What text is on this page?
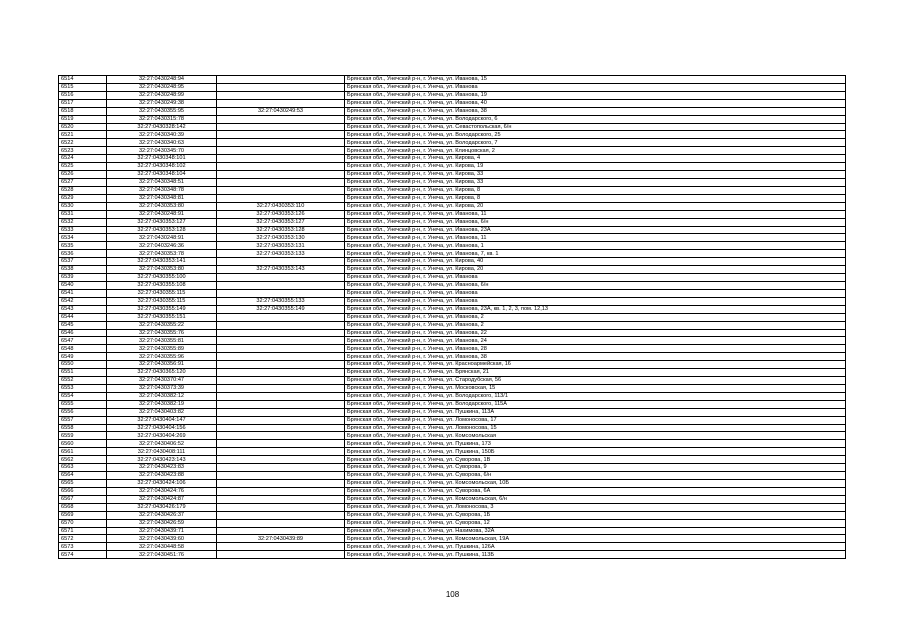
6514	32:27:0430248:94		Брянская обл., Унечский р-н, г. Унеча, ул. Иванова, 15
6515	32:27:0430248:95		Брянская обл., Унечский р-н, г. Унеча, ул. Иванова
6516	32:27:0430248:99		Брянская обл., Унечский р-н, г. Унеча, ул. Иванова, 19
6517	32:27:0430249:38		Брянская обл., Унечский р-н, г. Унеча, ул. Иванова, 40
6518	32:27:0430355:95	32:27:0430249:53	Брянская обл., Унечский р-н, г. Унеча, ул. Иванова, 38
6519	32:27:0430315:78		Брянская обл., Унечский р-н, г. Унеча, ул. Володарского, 6
6520	32:27:0430328:142		Брянская обл., Унечский р-н, г. Унеча, ул. Севастопольская, 6/н
6521	32:27:0430340:39		Брянская обл., Унечский р-н, г. Унеча, ул. Володарского, 25
6522	32:27:0430340:63		Брянская обл., Унечский р-н, г. Унеча, ул. Володарского, 7
6523	32:27:0430345:70		Брянская обл., Унечский р-н, г. Унеча, ул. Клинцовская, 2
6524	32:27:0430348:101		Брянская обл., Унечский р-н, г. Унеча, ул. Кирова, 4
6525	32:27:0430348:102		Брянская обл., Унечский р-н, г. Унеча, ул. Кирова, 19
6526	32:27:0430348:104		Брянская обл., Унечский р-н, г. Унеча, ул. Кирова, 33
6527	32:27:0430348:51		Брянская обл., Унечский р-н, г. Унеча, ул. Кирова, 33
6528	32:27:0430348:78		Брянская обл., Унечский р-н, г. Унеча, ул. Кирова, 8
6529	32:27:0430348:81		Брянская обл., Унечский р-н, г. Унеча, ул. Кирова, 8
6530	32:27:0430353:80	32:27:0430353:110	Брянская обл., Унечский р-н, г. Унеча, ул. Кирова, 20
6531	32:27:0430248:91	32:27:0430353:126	Брянская обл., Унечский р-н, г. Унеча, ул. Иванова, 11
6532	32:27:0430353:127	32:27:0430353:127	Брянская обл., Унечский р-н, г. Унеча, ул. Иванова, 6/н
6533	32:27:0430353:128	32:27:0430353:128	Брянская обл., Унечский р-н, г. Унеча, ул. Иванова, 23А
6534	32:27:0430248:91	32:27:0430353:130	Брянская обл., Унечский р-н, г. Унеча, ул. Иванова, 11
6535	32:27:0403246:36	32:27:0430353:131	Брянская обл., Унечский р-н, г. Унеча, ул. Иванова, 1
6536	32:27:0430353:78	32:27:0430353:133	Брянская обл., Унечский р-н, г. Унеча, ул. Иванова, 7, кв. 1
6537	32:27:0430353:141		Брянская обл., Унечский р-н, г. Унеча, ул. Кирова, 40
6538	32:27:0430353:80	32:27:0430353:143	Брянская обл., Унечский р-н, г. Унеча, ул. Кирова, 20
6539	32:27:0430355:100		Брянская обл., Унечский р-н, г. Унеча, ул. Иванова
6540	32:27:0430355:108		Брянская обл., Унечский р-н, г. Унеча, ул. Иванова, 6/н
6541	32:27:0430355:115		Брянская обл., Унечский р-н, г. Унеча, ул. Иванова
6542	32:27:0430355:115	32:27:0430355:133	Брянская обл., Унечский р-н, г. Унеча, ул. Иванова
6543	32:27:0430355:149	32:27:0430355:149	Брянская обл., Унечский р-н, г. Унеча, ул. Иванова, 23А, кв. 1, 2, 3, пом. 12,13
6544	32:27:0430355:151		Брянская обл., Унечский р-н, г. Унеча, ул. Иванова, 2
6545	32:27:0430355:22		Брянская обл., Унечский р-н, г. Унеча, ул. Иванова, 2
6546	32:27:0430355:76		Брянская обл., Унечский р-н, г. Унеча, ул. Иванова, 22
6547	32:27:0430355:81		Брянская обл., Унечский р-н, г. Унеча, ул. Иванова, 24
6548	32:27:0430355:89		Брянская обл., Унечский р-н, г. Унеча, ул. Иванова, 28
6549	32:27:0430355:96		Брянская обл., Унечский р-н, г. Унеча, ул. Иванова, 38
6550	32:27:0430356:91		Брянская обл., Унечский р-н, г. Унеча, ул. Красноармейская, 16
6551	32:27:0430365:120		Брянская обл., Унечский р-н, г. Унеча, ул. Брянская, 21
6552	32:27:0430370:47		Брянская обл., Унечский р-н, г. Унеча, ул. Стародубская, 56
6553	32:27:0430373:39		Брянская обл., Унечский р-н, г. Унеча, ул. Московская, 15
6554	32:27:0430382:12		Брянская обл., Унечский р-н, г. Унеча, ул. Володарского, 113/1
6555	32:27:0430382:19		Брянская обл., Унечский р-н, г. Унеча, ул. Володарского, 115А
6556	32:27:0430403:82		Брянская обл., Унечский р-н, г. Унеча, ул. Пушкина, 113А
6557	32:27:0430404:147		Брянская обл., Унечский р-н, г. Унеча, ул. Ломоносова, 17
6558	32:27:0430404:156		Брянская обл., Унечский р-н, г. Унеча, ул. Ломоносова, 15
6559	32:27:0430404:269		Брянская обл., Унечский р-н, г. Унеча, ул. Комсомольская
6560	32:27:0430406:52		Брянская обл., Унечский р-н, г. Унеча, ул. Пушкина, 173
6561	32:27:0430408:111		Брянская обл., Унечский р-н, г. Унеча, ул. Пушкина, 150Б
6562	32:27:0430423:143		Брянская обл., Унечский р-н, г. Унеча, ул. Суворова, 1В
6563	32:27:0430423:83		Брянская обл., Унечский р-н, г. Унеча, ул. Суворова, 9
6564	32:27:0430423:88		Брянская обл., Унечский р-н, г. Унеча, ул. Суворова, 6/н
6565	32:27:0430424:106		Брянская обл., Унечский р-н, г. Унеча, ул. Комсомольская, 10Б
6566	32:27:0430424:76		Брянская обл., Унечский р-н, г. Унеча, ул. Суворова, 6А
6567	32:27:0430424:87		Брянская обл., Унечский р-н, г. Унеча, ул. Комсомольская, 6/н
6568	32:27:0430426:179		Брянская обл., Унечский р-н, г. Унеча, ул. Ломоносова, 3
6569	32:27:0430426:37		Брянская обл., Унечский р-н, г. Унеча, ул. Суворова, 1Б
6570	32:27:0430426:59		Брянская обл., Унечский р-н, г. Унеча, ул. Суворова, 12
6571	32:27:0430439:71		Брянская обл., Унечский р-н, г. Унеча, ул. Нахимова, 32А
6572	32:27:0430439:60	32:27:0430439:89	Брянская обл., Унечский р-н, г. Унеча, ул. Комсомольская, 19А
6573	32:27:0430448:58		Брянская обл., Унечский р-н, г. Унеча, ул. Пушкина, 126А
6574	32:27:0430451:76		Брянская обл., Унечский р-н, г. Унеча, ул. Пушкина, 113Б
108
